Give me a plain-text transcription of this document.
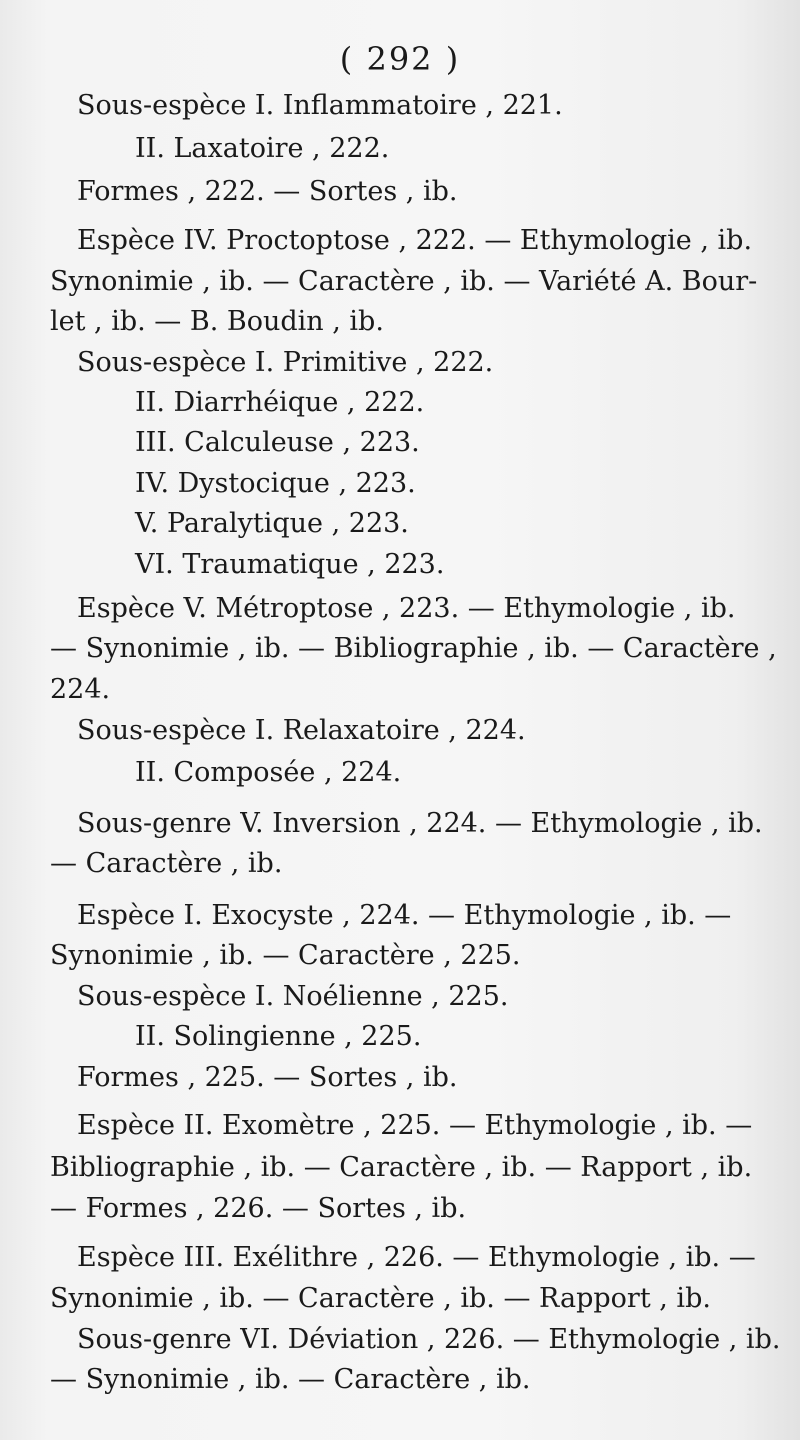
( 292 )
Sous-espèce I. Inflammatoire , 221.
II. Laxatoire , 222.
Formes , 222. — Sortes , ib.
Espèce IV. Proctoptose , 222. — Ethymologie , ib.
Synonimie , ib. — Caractère , ib. — Variété A. Bour-
let , ib. — B. Boudin , ib.
Sous-espèce I. Primitive , 222.
II. Diarrhéique , 222.
III. Calculeuse , 223.
IV. Dystocique , 223.
V. Paralytique , 223.
VI. Traumatique , 223.
Espèce V. Métroptose , 223. — Ethymologie , ib.
— Synonimie , ib. — Bibliographie , ib. — Caractère ,
224.
Sous-espèce I. Relaxatoire , 224.
II. Composée , 224.
Sous-genre V. Inversion , 224. — Ethymologie , ib.
— Caractère , ib.
Espèce I. Exocyste , 224. — Ethymologie , ib. —
Synonimie , ib. — Caractère , 225.
Sous-espèce I. Noélienne , 225.
II. Solingienne , 225.
Formes , 225. — Sortes , ib.
Espèce II. Exomètre , 225. — Ethymologie , ib. —
Bibliographie , ib. — Caractère , ib. — Rapport , ib.
— Formes , 226. — Sortes , ib.
Espèce III. Exélithre , 226. — Ethymologie , ib. —
Synonimie , ib. — Caractère , ib. — Rapport , ib.
Sous-genre VI. Déviation , 226. — Ethymologie , ib.
— Synonimie , ib. — Caractère , ib.
